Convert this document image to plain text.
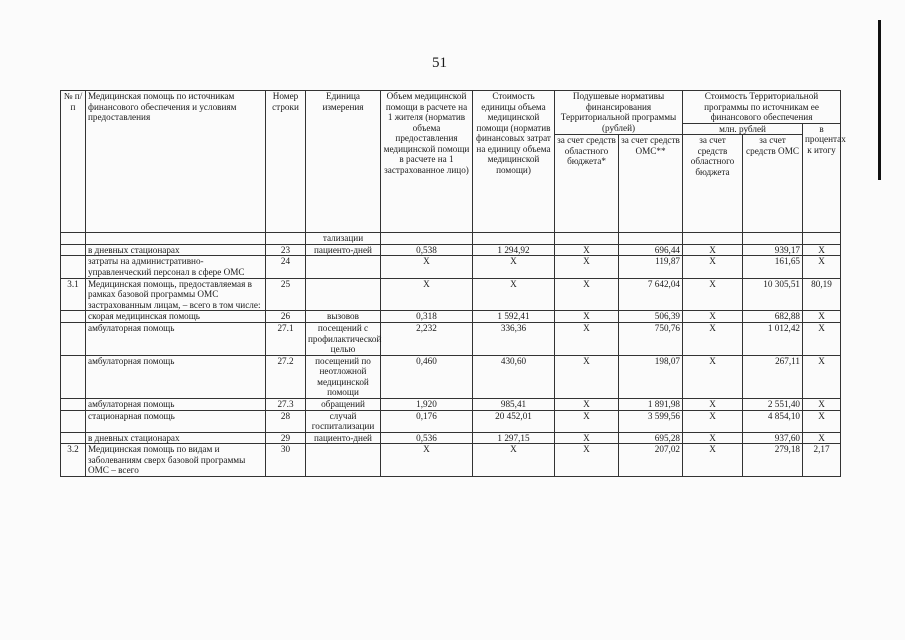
51
№ п/п	Медицинская помощь по источникам финансового обеспечения и условиям предоставления	Номер строки	Единица измерения	Объем медицинской помощи в расчете на 1 жителя (норматив объема предоставления медицинской помощи в расчете на 1 застрахованное лицо)	Стоимость единицы объема медицинской помощи (норматив финансовых затрат на единицу объема медицинской помощи)	Подушевые нормативы финансирования Территориальной программы (рублей)		Стоимость Территориальной программы по источникам ее финансового обеспечения		
								млн. рублей		в процентах к итогу
						за счет средств областного бюджета*	за счет средств ОМС**	за счет средств областного бюджета	за счет средств ОМС	
			тализации							
	в дневных стационарах	23	пациенто-дней	0,538	1 294,92	X	696,44	X	939,17	X
	затраты на административно-управленческий персонал в сфере ОМС	24		X	X	X	119,87	X	161,65	X
3.1	Медицинская помощь, предоставляемая в рамках базовой программы ОМС застрахованным лицам, – всего в том числе:	25		X	X	X	7 642,04	X	10 305,51	80,19
	скорая медицинская помощь	26	вызовов	0,318	1 592,41	X	506,39	X	682,88	X
	амбулаторная помощь	27.1	посещений с профилактической целью	2,232	336,36	X	750,76	X	1 012,42	X
	амбулаторная помощь	27.2	посещений по неотложной медицинской помощи	0,460	430,60	X	198,07	X	267,11	X
	амбулаторная помощь	27.3	обращений	1,920	985,41	X	1 891,98	X	2 551,40	X
	стационарная помощь	28	случай госпитализации	0,176	20 452,01	X	3 599,56	X	4 854,10	X
	в дневных стационарах	29	пациенто-дней	0,536	1 297,15	X	695,28	X	937,60	X
3.2	Медицинская помощь по видам и заболеваниям сверх базовой программы ОМС – всего	30		X	X	X	207,02	X	279,18	2,17
